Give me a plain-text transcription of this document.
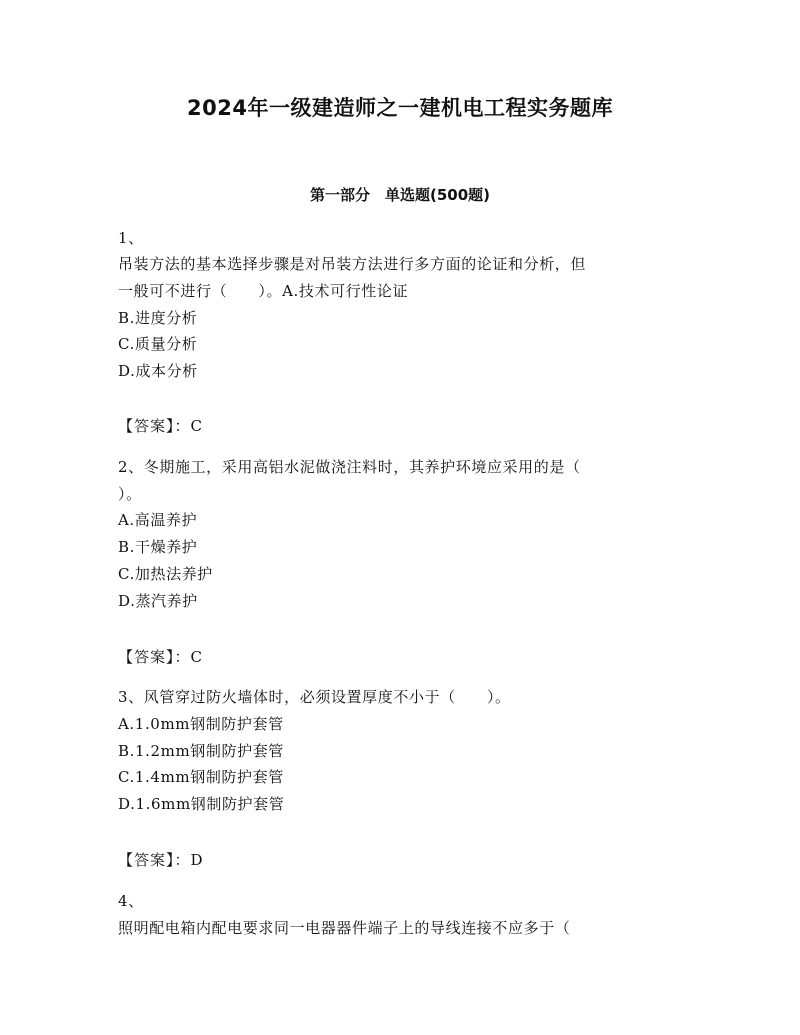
2024年一级建造师之一建机电工程实务题库
第一部分　单选题(500题)
1、
吊装方法的基本选择步骤是对吊装方法进行多方面的论证和分析，但
一般可不进行（　　）。A.技术可行性论证
B.进度分析
C.质量分析
D.成本分析
【答案】：C
2、冬期施工，采用高铝水泥做浇注料时，其养护环境应采用的是（
）。
A.高温养护
B.干燥养护
C.加热法养护
D.蒸汽养护
【答案】：C
3、风管穿过防火墙体时，必须设置厚度不小于（　　）。
A.1.0mm钢制防护套管
B.1.2mm钢制防护套管
C.1.4mm钢制防护套管
D.1.6mm钢制防护套管
【答案】：D
4、
照明配电箱内配电要求同一电器器件端子上的导线连接不应多于（
